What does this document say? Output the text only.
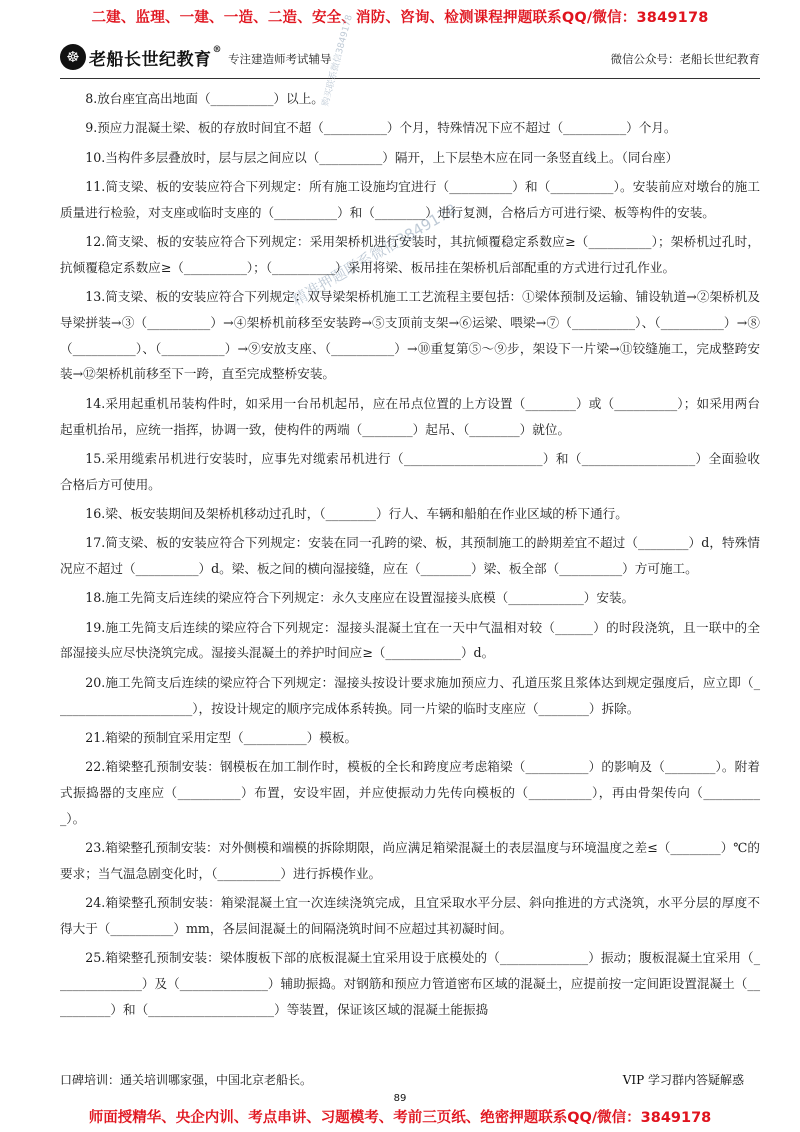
二建、监理、一建、一造、二造、安全、消防、咨询、检测课程押题联系QQ/微信：3849178
☸ 老船长世纪教育®
专注建造师考试辅导	微信公众号：老船长世纪教育
购买联系微信3849178
精准押题联系微信3849178

8.放台座宜高出地面（__________）以上。

9.预应力混凝土梁、板的存放时间宜不超（__________）个月，特殊情况下应不超过（__________）个月。

10.当构件多层叠放时，层与层之间应以（__________）隔开，上下层垫木应在同一条竖直线上。（同台座）

11.简支梁、板的安装应符合下列规定：所有施工设施均宜进行（__________）和（__________）。安装前应对墩台的施工质量进行检验，对支座或临时支座的（__________）和（________）进行复测，合格后方可进行梁、板等构件的安装。

12.简支梁、板的安装应符合下列规定：采用架桥机进行安装时，其抗倾覆稳定系数应≥（__________）；架桥机过孔时，抗倾覆稳定系数应≥（__________）；（__________）采用将梁、板吊挂在架桥机后部配重的方式进行过孔作业。

13.简支梁、板的安装应符合下列规定：双导梁架桥机施工工艺流程主要包括：①梁体预制及运输、铺设轨道→②架桥机及导梁拼装→③（__________）→④架桥机前移至安装跨→⑤支顶前支架→⑥运梁、喂梁→⑦（__________）、（__________）→⑧（__________）、（__________）→⑨安放支座、（__________）→⑩重复第⑤～⑨步，架设下一片梁→⑪铰缝施工，完成整跨安装→⑫架桥机前移至下一跨，直至完成整桥安装。

14.采用起重机吊装构件时，如采用一台吊机起吊，应在吊点位置的上方设置（________）或（__________）；如采用两台起重机抬吊，应统一指挥，协调一致，使构件的两端（________）起吊、（________）就位。

15.采用缆索吊机进行安装时，应事先对缆索吊机进行（______________________）和（__________________）全面验收合格后方可使用。

16.梁、板安装期间及架桥机移动过孔时，（________）行人、车辆和船舶在作业区域的桥下通行。

17.简支梁、板的安装应符合下列规定：安装在同一孔跨的梁、板，其预制施工的龄期差宜不超过（________）d，特殊情况应不超过（__________）d。梁、板之间的横向湿接缝，应在（________）梁、板全部（__________）方可施工。

18.施工先简支后连续的梁应符合下列规定：永久支座应在设置湿接头底模（____________）安装。

19.施工先简支后连续的梁应符合下列规定：湿接头混凝土宜在一天中气温相对较（______）的时段浇筑，且一联中的全部湿接头应尽快浇筑完成。湿接头混凝土的养护时间应≥（____________）d。

20.施工先简支后连续的梁应符合下列规定：湿接头按设计要求施加预应力、孔道压浆且浆体达到规定强度后，应立即（______________________），按设计规定的顺序完成体系转换。同一片梁的临时支座应（________）拆除。

21.箱梁的预制宜采用定型（__________）模板。

22.箱梁整孔预制安装：钢模板在加工制作时，模板的全长和跨度应考虑箱梁（__________）的影响及（________）。附着式振捣器的支座应（__________）布置，安设牢固，并应使振动力先传向模板的（__________），再由骨架传向（__________）。

23.箱梁整孔预制安装：对外侧模和端模的拆除期限，尚应满足箱梁混凝土的表层温度与环境温度之差≤（________）℃的要求；当气温急剧变化时，（__________）进行拆模作业。

24.箱梁整孔预制安装：箱梁混凝土宜一次连续浇筑完成，且宜采取水平分层、斜向推进的方式浇筑，水平分层的厚度不得大于（__________）mm，各层间混凝土的间隔浇筑时间不应超过其初凝时间。

25.箱梁整孔预制安装：梁体腹板下部的底板混凝土宜采用设于底模处的（______________）振动；腹板混凝土宜采用（______________）及（______________）辅助振捣。对钢筋和预应力管道密布区域的混凝土，应提前按一定间距设置混凝土（__________）和（____________________）等装置，保证该区域的混凝土能振捣

口碑培训：通关培训哪家强，中国北京老船长。	VIP 学习群内答疑解惑
89
师面授精华、央企内训、考点串讲、习题模考、考前三页纸、绝密押题联系QQ/微信：3849178
